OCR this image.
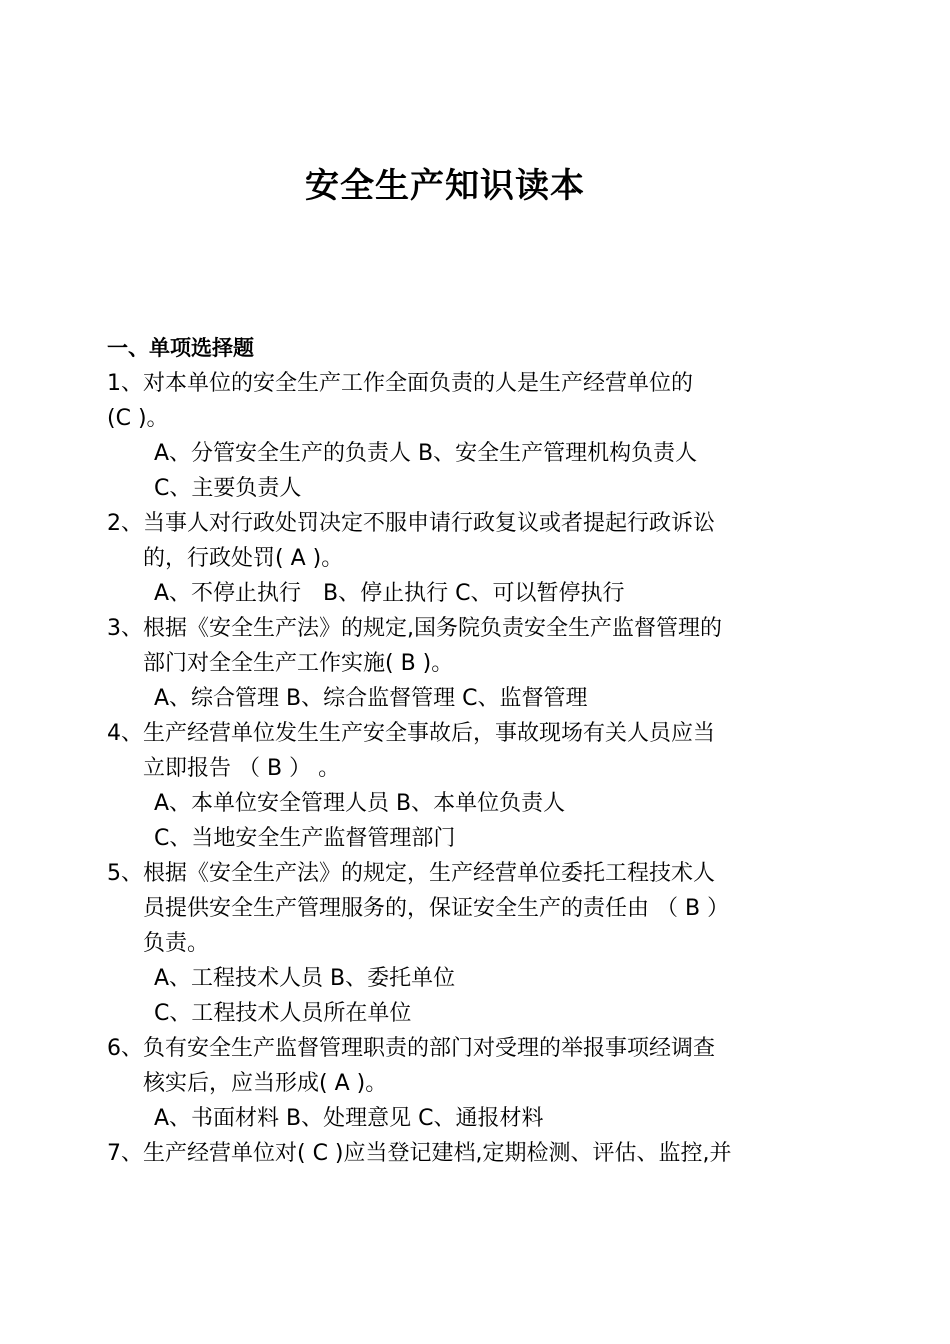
安全生产知识读本
一、单项选择题
1、对本单位的安全生产工作全面负责的人是生产经营单位的
(C )。
A、分管安全生产的负责人 B、安全生产管理机构负责人
C、主要负责人
2、当事人对行政处罚决定不服申请行政复议或者提起行政诉讼
的，行政处罚( A )。
A、不停止执行　B、停止执行 C、可以暂停执行
3、根据《安全生产法》的规定,国务院负责安全生产监督管理的
部门对全全生产工作实施( B )。
A、综合管理 B、综合监督管理 C、监督管理
4、生产经营单位发生生产安全事故后，事故现场有关人员应当
立即报告 （ B ） 。
A、本单位安全管理人员 B、本单位负责人
C、当地安全生产监督管理部门
5、根据《安全生产法》的规定，生产经营单位委托工程技术人
员提供安全生产管理服务的，保证安全生产的责任由 （ B ）
负责。
A、工程技术人员 B、委托单位
C、工程技术人员所在单位
6、负有安全生产监督管理职责的部门对受理的举报事项经调查
核实后，应当形成( A )。
A、书面材料 B、处理意见 C、通报材料
7、生产经营单位对( C )应当登记建档,定期检测、评估、监控,并
